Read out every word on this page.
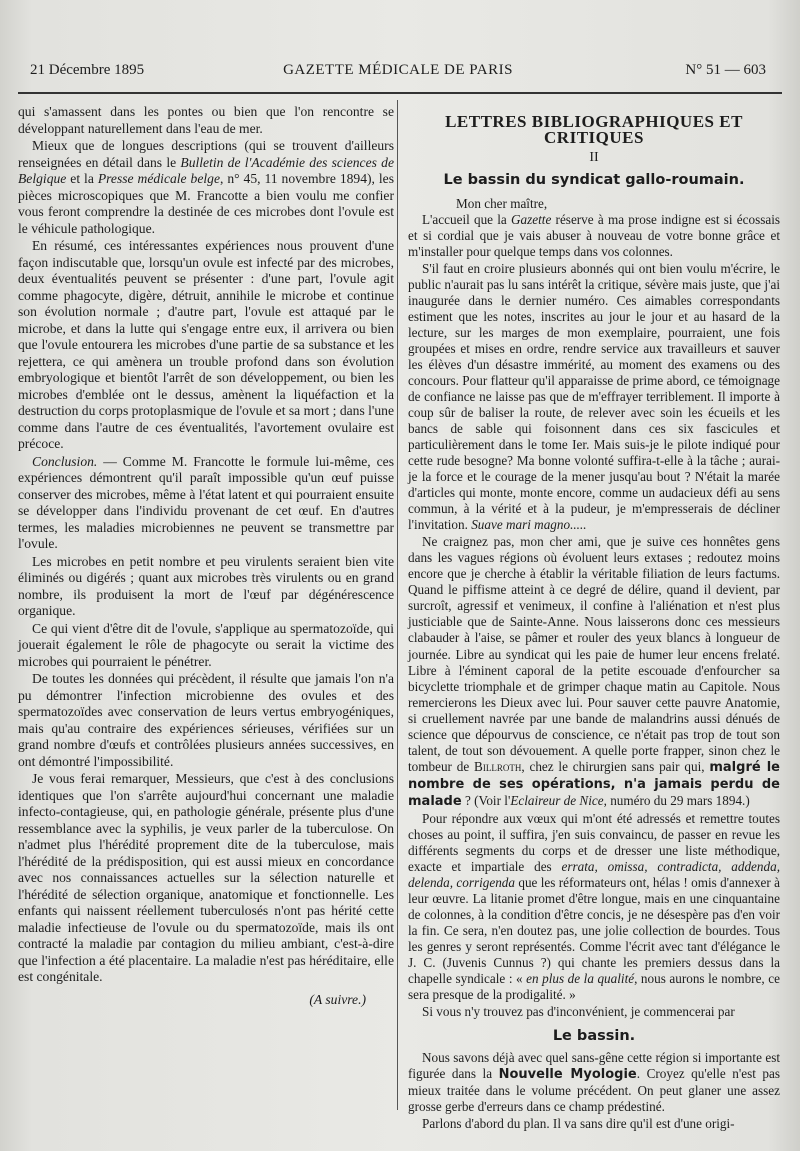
21 Décembre 1895	GAZETTE MÉDICALE DE PARIS	N° 51 — 603

qui s'amassent dans les pontes ou bien que l'on rencontre se développant naturellement dans l'eau de mer.

Mieux que de longues descriptions (qui se trouvent d'ailleurs renseignées en détail dans le Bulletin de l'Académie des sciences de Belgique et la Presse médicale belge, n° 45, 11 novembre 1894), les pièces microscopiques que M. Francotte a bien voulu me confier vous feront comprendre la destinée de ces microbes dont l'ovule est le véhicule pathologique.

En résumé, ces intéressantes expériences nous prouvent d'une façon indiscutable que, lorsqu'un ovule est infecté par des microbes, deux éventualités peuvent se présenter : d'une part, l'ovule agit comme phagocyte, digère, détruit, annihile le microbe et continue son évolution normale ; d'autre part, l'ovule est attaqué par le microbe, et dans la lutte qui s'engage entre eux, il arrivera ou bien que l'ovule entourera les microbes d'une partie de sa substance et les rejettera, ce qui amènera un trouble profond dans son évolution embryologique et bientôt l'arrêt de son développement, ou bien les microbes d'emblée ont le dessus, amènent la liquéfaction et la destruction du corps protoplasmique de l'ovule et sa mort ; dans l'une comme dans l'autre de ces éventualités, l'avortement ovulaire est précoce.

Conclusion. — Comme M. Francotte le formule lui-même, ces expériences démontrent qu'il paraît impossible qu'un œuf puisse conserver des microbes, même à l'état latent et qui pourraient ensuite se développer dans l'individu provenant de cet œuf. En d'autres termes, les maladies microbiennes ne peuvent se transmettre par l'ovule.

Les microbes en petit nombre et peu virulents seraient bien vite éliminés ou digérés ; quant aux microbes très virulents ou en grand nombre, ils produisent la mort de l'œuf par dégénérescence organique.

Ce qui vient d'être dit de l'ovule, s'applique au spermatozoïde, qui jouerait également le rôle de phagocyte ou serait la victime des microbes qui pourraient le pénétrer.

De toutes les données qui précèdent, il résulte que jamais l'on n'a pu démontrer l'infection microbienne des ovules et des spermatozoïdes avec conservation de leurs vertus embryogéniques, mais qu'au contraire des expériences sérieuses, vérifiées sur un grand nombre d'œufs et contrôlées plusieurs années successives, en ont démontré l'impossibilité.

Je vous ferai remarquer, Messieurs, que c'est à des conclusions identiques que l'on s'arrête aujourd'hui concernant une maladie infecto-contagieuse, qui, en pathologie générale, présente plus d'une ressemblance avec la syphilis, je veux parler de la tuberculose. On n'admet plus l'hérédité proprement dite de la tuberculose, mais l'hérédité de la prédisposition, qui est aussi mieux en concordance avec nos connaissances actuelles sur la sélection naturelle et l'hérédité de sélection organique, anatomique et fonctionnelle. Les enfants qui naissent réellement tuberculosés n'ont pas hérité cette maladie infectieuse de l'ovule ou du spermatozoïde, mais ils ont contracté la maladie par contagion du milieu ambiant, c'est-à-dire que l'infection a été placentaire. La maladie n'est pas héréditaire, elle est congénitale.

(A suivre.)

LETTRES BIBLIOGRAPHIQUES ET CRITIQUES

II

Le bassin du syndicat gallo-roumain.

Mon cher maître,

L'accueil que la Gazette réserve à ma prose indigne est si écossais et si cordial que je vais abuser à nouveau de votre bonne grâce et m'installer pour quelque temps dans vos colonnes.

S'il faut en croire plusieurs abonnés qui ont bien voulu m'écrire, le public n'aurait pas lu sans intérêt la critique, sévère mais juste, que j'ai inaugurée dans le dernier numéro. Ces aimables correspondants estiment que les notes, inscrites au jour le jour et au hasard de la lecture, sur les marges de mon exemplaire, pourraient, une fois groupées et mises en ordre, rendre service aux travailleurs et sauver les élèves d'un désastre immérité, au moment des examens ou des concours. Pour flatteur qu'il apparaisse de prime abord, ce témoignage de confiance ne laisse pas que de m'effrayer terriblement. Il importe à coup sûr de baliser la route, de relever avec soin les écueils et les bancs de sable qui foisonnent dans ces six fascicules et particulièrement dans le tome Ier. Mais suis-je le pilote indiqué pour cette rude besogne? Ma bonne volonté suffira-t-elle à la tâche ; aurai-je la force et le courage de la mener jusqu'au bout ? N'était la marée d'articles qui monte, monte encore, comme un audacieux défi au sens commun, à la vérité et à la pudeur, je m'empresserais de décliner l'invitation. Suave mari magno.....

Ne craignez pas, mon cher ami, que je suive ces honnêtes gens dans les vagues régions où évoluent leurs extases ; redoutez moins encore que je cherche à établir la véritable filiation de leurs factums. Quand le piffisme atteint à ce degré de délire, quand il devient, par surcroît, agressif et venimeux, il confine à l'aliénation et n'est plus justiciable que de Sainte-Anne. Nous laisserons donc ces messieurs clabauder à l'aise, se pâmer et rouler des yeux blancs à longueur de journée. Libre au syndicat qui les paie de humer leur encens frelaté. Libre à l'éminent caporal de la petite escouade d'enfourcher sa bicyclette triomphale et de grimper chaque matin au Capitole. Nous remercierons les Dieux avec lui. Pour sauver cette pauvre Anatomie, si cruellement navrée par une bande de malandrins aussi dénués de science que dépourvus de conscience, ce n'était pas trop de tout son talent, de tout son dévouement. A quelle porte frapper, sinon chez le tombeur de Billroth, chez le chirurgien sans pair qui, malgré le nombre de ses opérations, n'a jamais perdu de malade ? (Voir l'Eclaireur de Nice, numéro du 29 mars 1894.)

Pour répondre aux vœux qui m'ont été adressés et remettre toutes choses au point, il suffira, j'en suis convaincu, de passer en revue les différents segments du corps et de dresser une liste méthodique, exacte et impartiale des errata, omissa, contradicta, addenda, delenda, corrigenda que les réformateurs ont, hélas ! omis d'annexer à leur œuvre. La litanie promet d'être longue, mais en une cinquantaine de colonnes, à la condition d'être concis, je ne désespère pas d'en voir la fin. Ce sera, n'en doutez pas, une jolie collection de bourdes. Tous les genres y seront représentés. Comme l'écrit avec tant d'élégance le J. C. (Juvenis Cunnus ?) qui chante les premiers dessus dans la chapelle syndicale : « en plus de la qualité, nous aurons le nombre, ce sera presque de la prodigalité. »

Si vous n'y trouvez pas d'inconvénient, je commencerai par

Le bassin.

Nous savons déjà avec quel sans-gêne cette région si importante est figurée dans la Nouvelle Myologie. Croyez qu'elle n'est pas mieux traitée dans le volume précédent. On peut glaner une assez grosse gerbe d'erreurs dans ce champ prédestiné.

Parlons d'abord du plan. Il va sans dire qu'il est d'une origi-
